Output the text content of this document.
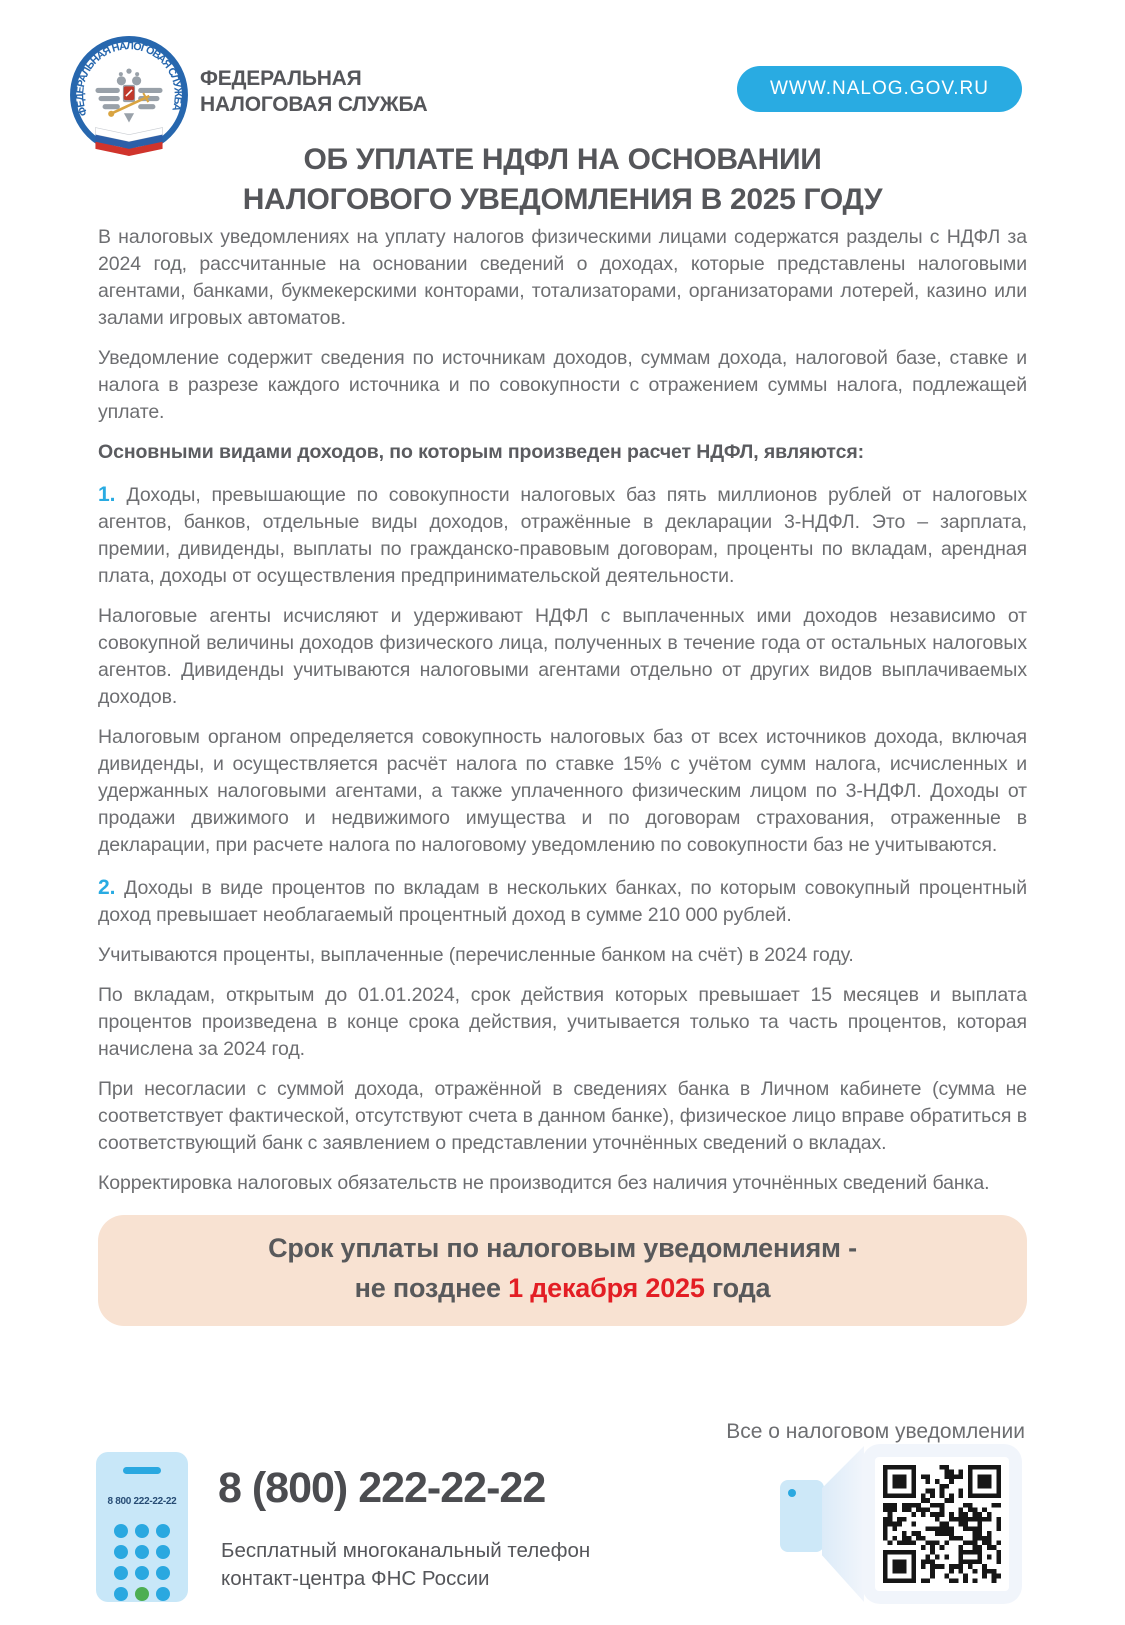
ФЕДЕРАЛЬНАЯ НАЛОГОВАЯ СЛУЖБА
ФЕДЕРАЛЬНАЯ
НАЛОГОВАЯ СЛУЖБА
WWW.NALOG.GOV.RU
ОБ УПЛАТЕ НДФЛ НА ОСНОВАНИИ
НАЛОГОВОГО УВЕДОМЛЕНИЯ В 2025 ГОДУ

В налоговых уведомлениях на уплату налогов физическими лицами содержатся разделы с НДФЛ за 2024 год, рассчитанные на основании сведений о доходах, которые представлены налоговыми агентами, банками, букмекерскими конторами, тотализаторами, организаторами лотерей, казино или залами игровых автоматов.

Уведомление содержит сведения по источникам доходов, суммам дохода, налоговой базе, ставке и налога в разрезе каждого источника и по совокупности с отражением суммы налога, подлежащей уплате.

Основными видами доходов, по которым произведен расчет НДФЛ, являются:

1. Доходы, превышающие по совокупности налоговых баз пять миллионов рублей от налоговых агентов, банков, отдельные виды доходов, отражённые в декларации 3-НДФЛ. Это – зарплата, премии, дивиденды, выплаты по гражданско-правовым договорам, проценты по вкладам, арендная плата, доходы от осуществления предпринимательской деятельности.

Налоговые агенты исчисляют и удерживают НДФЛ с выплаченных ими доходов независимо от совокупной величины доходов физического лица, полученных в течение года от остальных налоговых агентов. Дивиденды учитываются налоговыми агентами отдельно от других видов выплачиваемых доходов.

Налоговым органом определяется совокупность налоговых баз от всех источников дохода, включая дивиденды, и осуществляется расчёт налога по ставке 15% с учётом сумм налога, исчисленных и удержанных налоговыми агентами, а также уплаченного физическим лицом по 3-НДФЛ. Доходы от продажи движимого и недвижимого имущества и по договорам страхования, отраженные в декларации, при расчете налога по налоговому уведомлению по совокупности баз не учитываются.

2. Доходы в виде процентов по вкладам в нескольких банках, по которым совокупный процентный доход превышает необлагаемый процентный доход в сумме 210 000 рублей.

Учитываются проценты, выплаченные (перечисленные банком на счёт) в 2024 году.

По вкладам, открытым до 01.01.2024, срок действия которых превышает 15 месяцев и выплата процентов произведена в конце срока действия, учитывается только та часть процентов, которая начислена за 2024 год.

При несогласии с суммой дохода, отражённой в сведениях банка в Личном кабинете (сумма не соответствует фактической, отсутствуют счета в данном банке), физическое лицо вправе обратиться в соответствующий банк с заявлением о представлении уточнённых сведений о вкладах.

Корректировка налоговых обязательств не производится без наличия уточнённых сведений банка.

Срок уплаты по налоговым уведомлениям -
не позднее 1 декабря 2025 года
Все о налоговом уведомлении
8 800 222-22-22 8 (800) 222-22-22
Бесплатный многоканальный телефон
контакт-центра ФНС России
